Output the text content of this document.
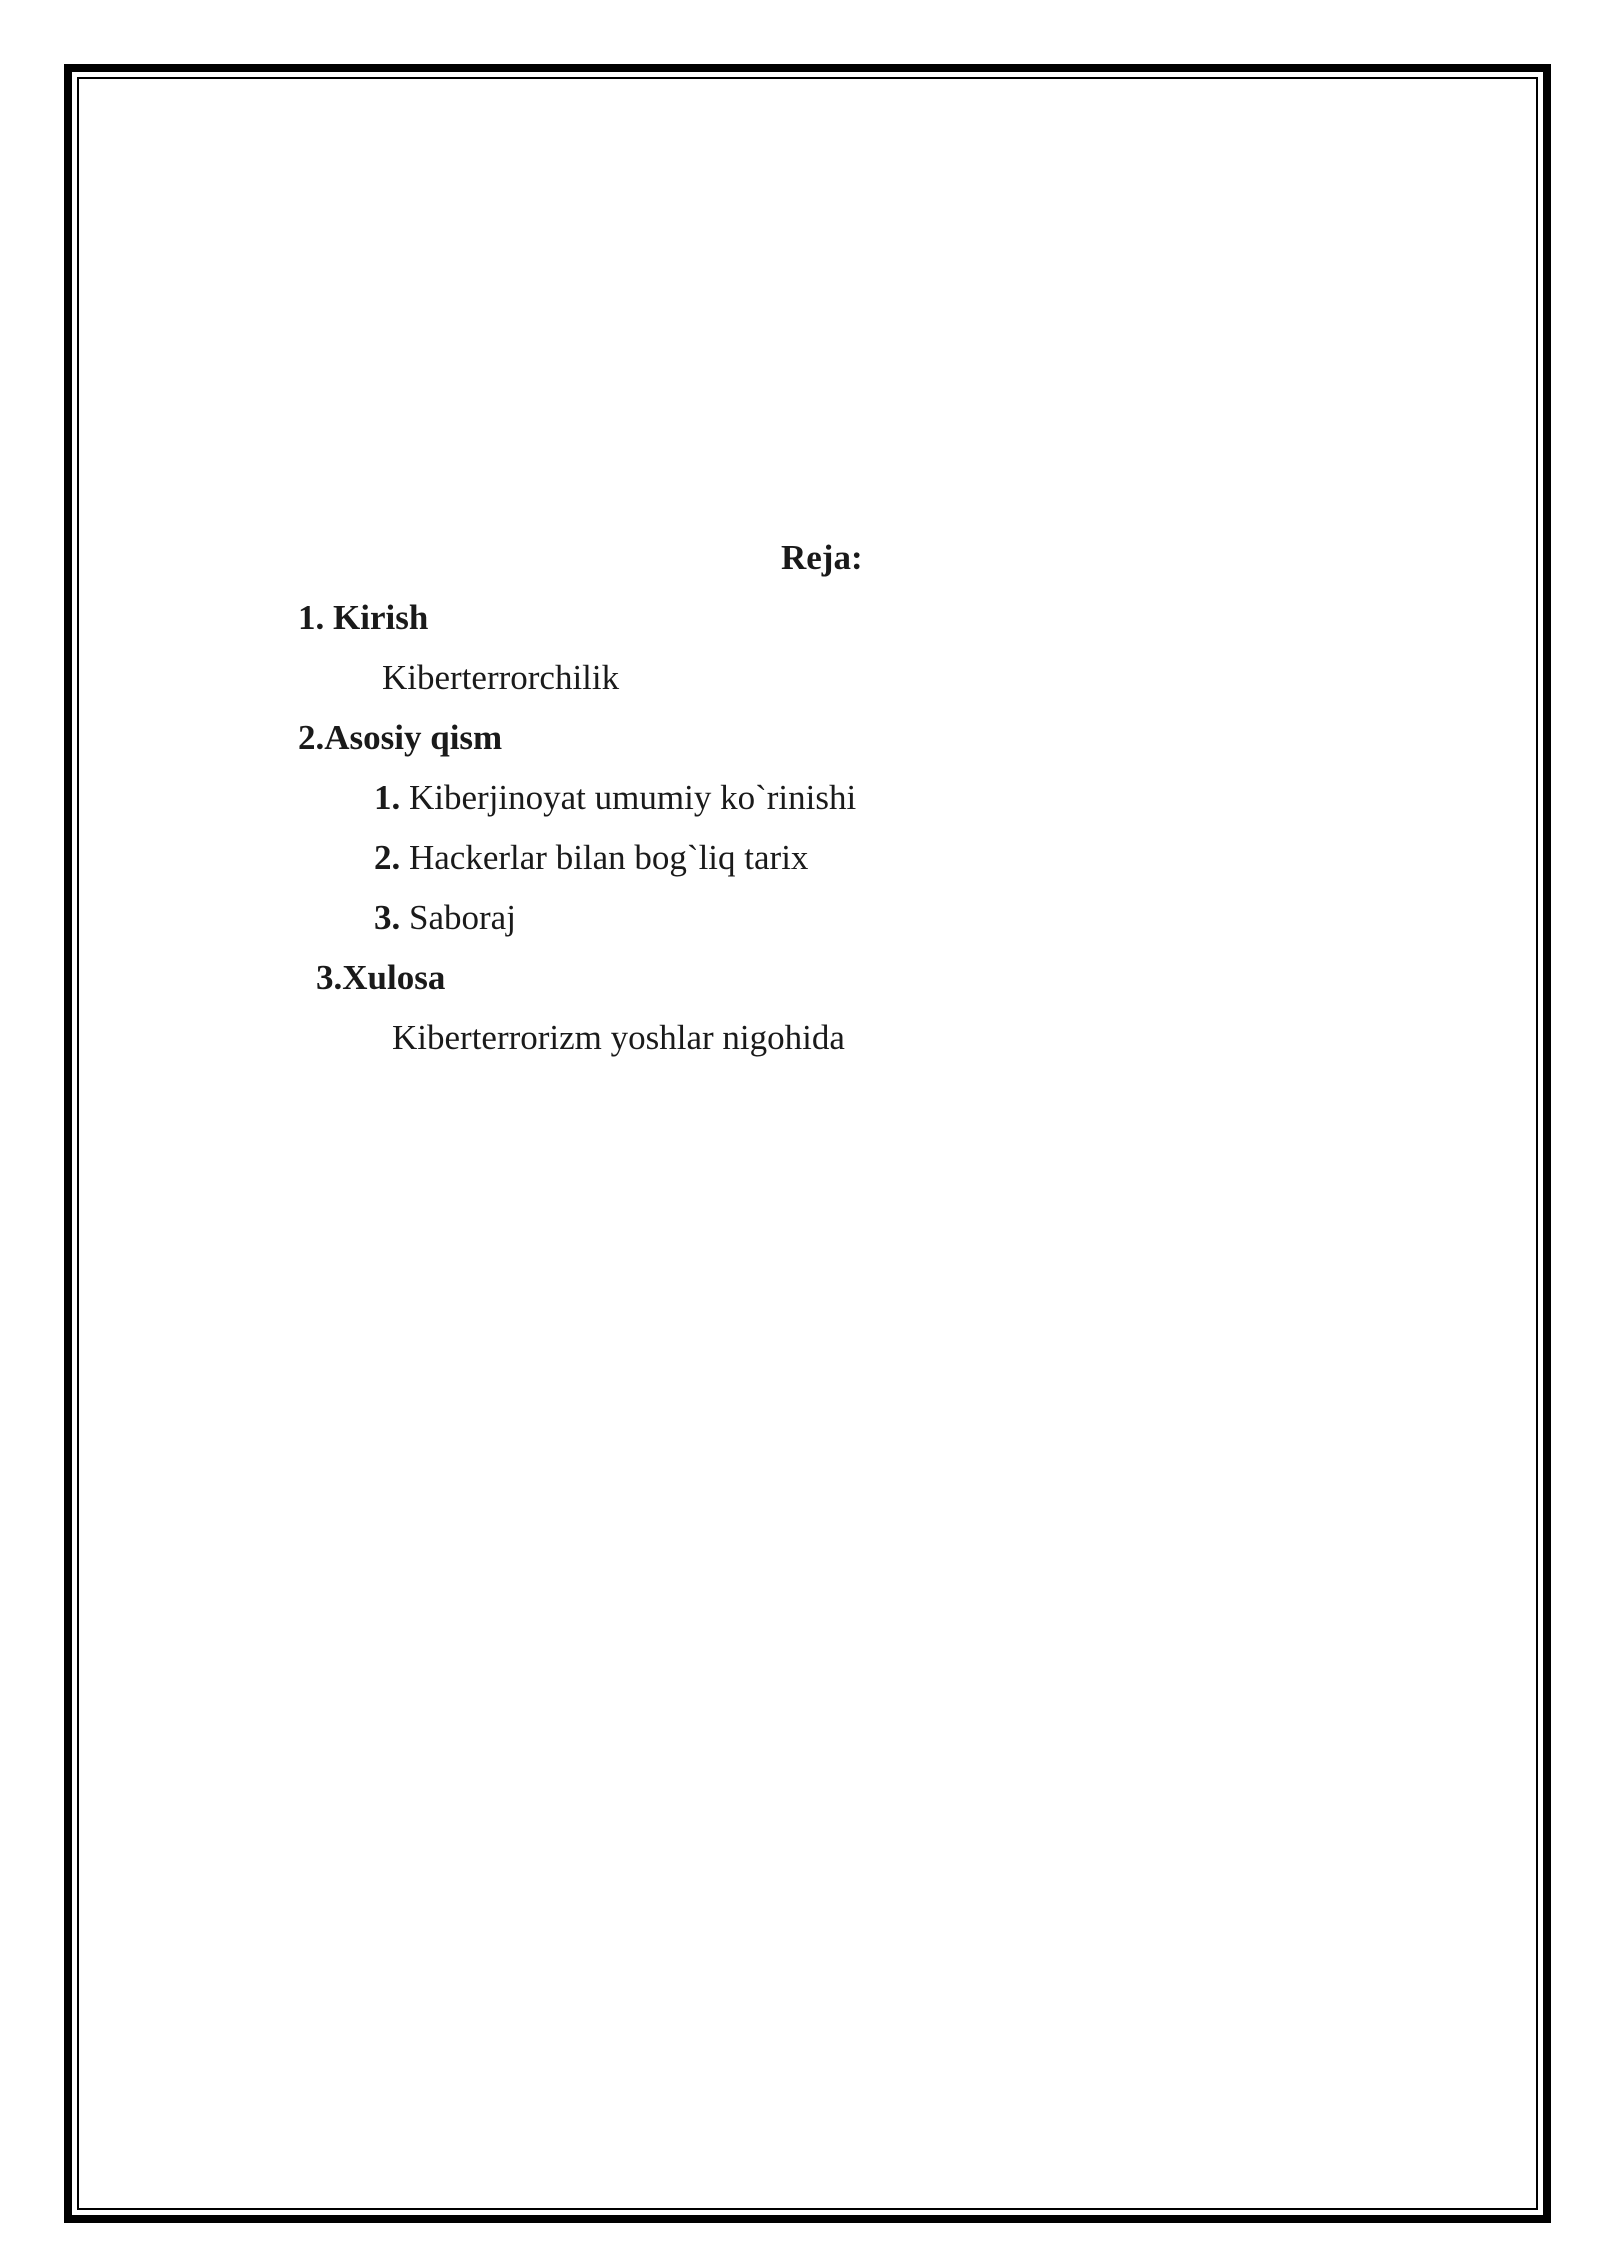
Reja:
1. Kirish
Kiberterrorchilik
2.Asosiy qism
1. Kiberjinoyat umumiy ko`rinishi
2. Hackerlar bilan bog`liq tarix
3. Saboraj
3.Xulosa
Kiberterrorizm yoshlar nigohida
